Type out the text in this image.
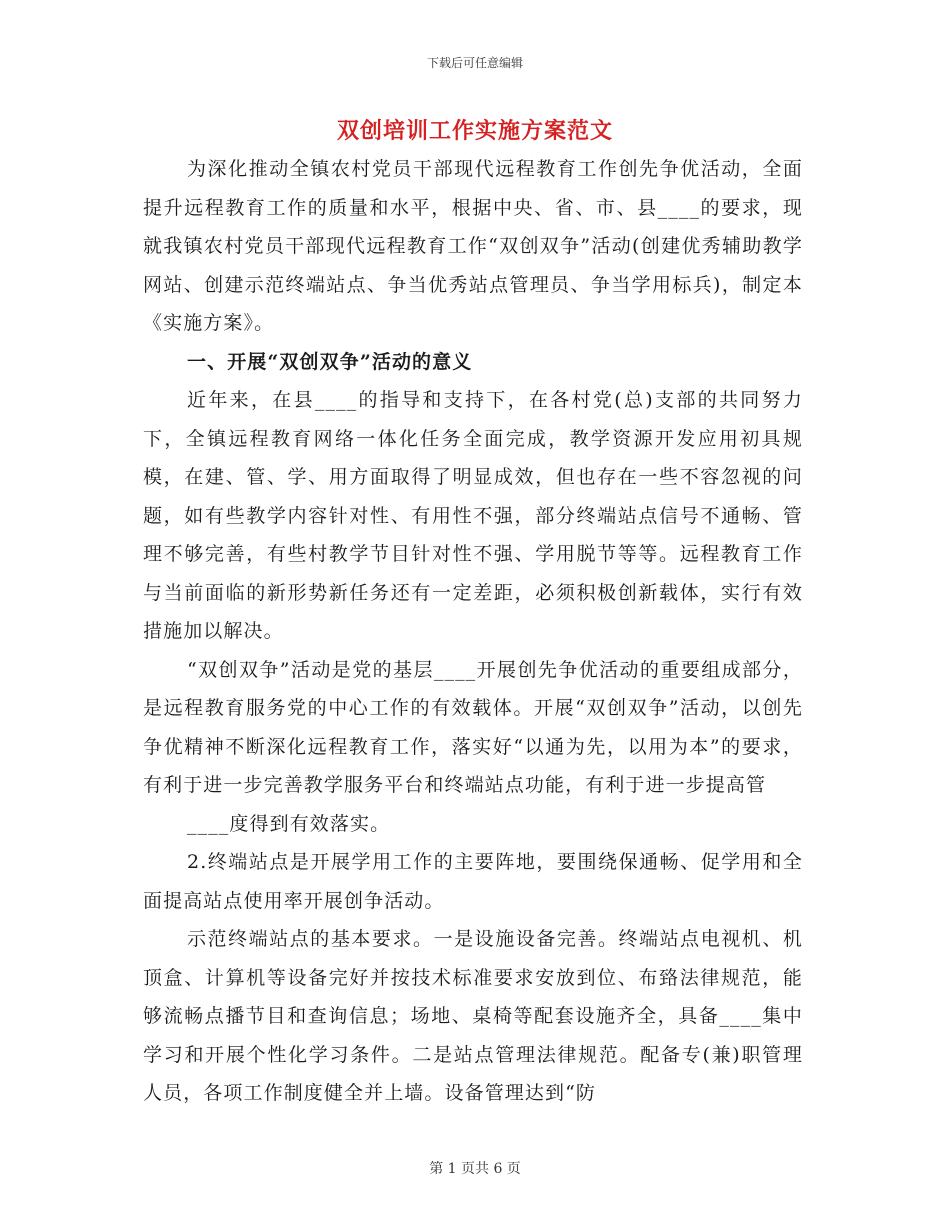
下载后可任意编辑
双创培训工作实施方案范文

为深化推动全镇农村党员干部现代远程教育工作创先争优活动，全面提升远程教育工作的质量和水平，根据中央、省、市、县____的要求，现就我镇农村党员干部现代远程教育工作“双创双争”活动(创建优秀辅助教学网站、创建示范终端站点、争当优秀站点管理员、争当学用标兵)，制定本《实施方案》。

一、开展“双创双争”活动的意义

近年来，在县____的指导和支持下，在各村党(总)支部的共同努力下，全镇远程教育网络一体化任务全面完成，教学资源开发应用初具规模，在建、管、学、用方面取得了明显成效，但也存在一些不容忽视的问题，如有些教学内容针对性、有用性不强，部分终端站点信号不通畅、管理不够完善，有些村教学节目针对性不强、学用脱节等等。远程教育工作与当前面临的新形势新任务还有一定差距，必须积极创新载体，实行有效措施加以解决。

“双创双争”活动是党的基层____开展创先争优活动的重要组成部分，是远程教育服务党的中心工作的有效载体。开展“双创双争”活动，以创先争优精神不断深化远程教育工作，落实好“以通为先，以用为本”的要求，有利于进一步完善教学服务平台和终端站点功能，有利于进一步提高管

____度得到有效落实。

2.终端站点是开展学用工作的主要阵地，要围绕保通畅、促学用和全面提高站点使用率开展创争活动。

示范终端站点的基本要求。一是设施设备完善。终端站点电视机、机顶盒、计算机等设备完好并按技术标准要求安放到位、布臵法律规范，能够流畅点播节目和查询信息；场地、桌椅等配套设施齐全，具备____集中学习和开展个性化学习条件。二是站点管理法律规范。配备专(兼)职管理人员，各项工作制度健全并上墙。设备管理达到“防

第 1 页共 6 页
